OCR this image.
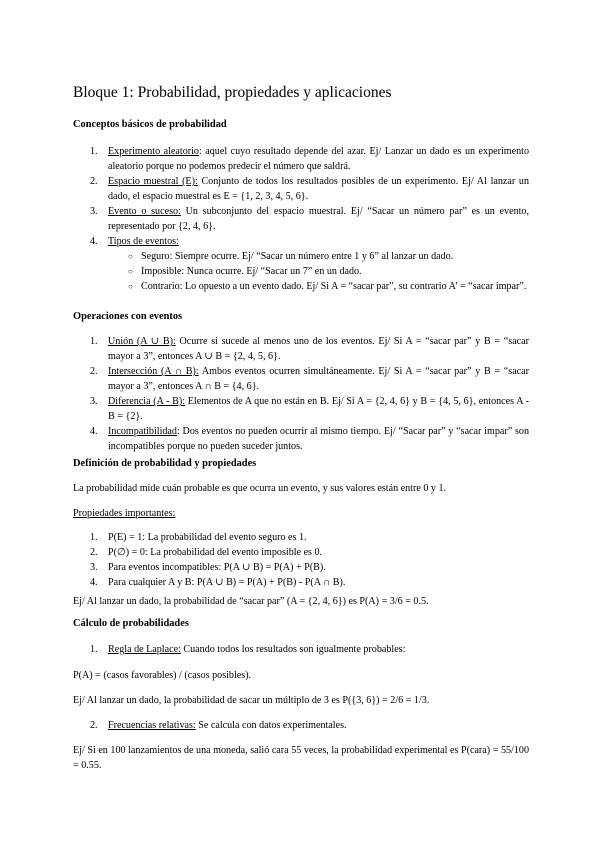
Bloque 1: Probabilidad, propiedades y aplicaciones
Conceptos básicos de probabilidad
1. Experimento aleatorio: aquel cuyo resultado depende del azar. Ej/ Lanzar un dado es un experimento aleatorio porque no podemos predecir el número que saldrá.
2. Espacio muestral (E): Conjunto de todos los resultados posibles de un experimento. Ej/ Al lanzar un dado, el espacio muestral es E = {1, 2, 3, 4, 5, 6}.
3. Evento o suceso: Un subconjunto del espacio muestral. Ej/ “Sacar un número par” es un evento, representado por {2, 4, 6}.
4. Tipos de eventos:
○ Seguro: Siempre ocurre. Ej/ “Sacar un número entre 1 y 6” al lanzar un dado.
○ Imposible: Nunca ocurre. Ej/ “Sacar un 7” en un dado.
○ Contrario: Lo opuesto a un evento dado. Ej/ Si A = “sacar par”, su contrario A’ = “sacar impar”.
Operaciones con eventos
1. Unión (A ∪ B): Ocurre si sucede al menos uno de los eventos. Ej/ Si A = “sacar par” y B = “sacar mayor a 3”, entonces A ∪ B = {2, 4, 5, 6}.
2. Intersección (A ∩ B): Ambos eventos ocurren simultáneamente. Ej/ Si A = “sacar par” y B = “sacar mayor a 3”, entonces A ∩ B = {4, 6}.
3. Diferencia (A - B): Elementos de A que no están en B. Ej/ Si A = {2, 4, 6} y B = {4, 5, 6}, entonces A - B = {2}.
4. Incompatibilidad: Dos eventos no pueden ocurrir al mismo tiempo. Ej/ “Sacar par” y “sacar impar” son incompatibles porque no pueden suceder juntos.
Definición de probabilidad y propiedades

La probabilidad mide cuán probable es que ocurra un evento, y sus valores están entre 0 y 1.

Propiedades importantes:

1. P(E) = 1: La probabilidad del evento seguro es 1.
2. P(∅) = 0: La probabilidad del evento imposible es 0.
3. Para eventos incompatibles: P(A ∪ B) = P(A) + P(B).
4. Para cualquier A y B: P(A ∪ B) = P(A) + P(B) - P(A ∩ B).

Ej/ Al lanzar un dado, la probabilidad de “sacar par” (A = {2, 4, 6}) es P(A) = 3/6 = 0.5.

Cálculo de probabilidades
1. Regla de Laplace: Cuando todos los resultados son igualmente probables:

P(A) = (casos favorables) / (casos posibles).

Ej/ Al lanzar un dado, la probabilidad de sacar un múltiplo de 3 es P({3, 6}) = 2/6 = 1/3.

2. Frecuencias relativas: Se calcula con datos experimentales.

Ej/ Si en 100 lanzamientos de una moneda, salió cara 55 veces, la probabilidad experimental es P(cara) = 55/100 = 0.55.
